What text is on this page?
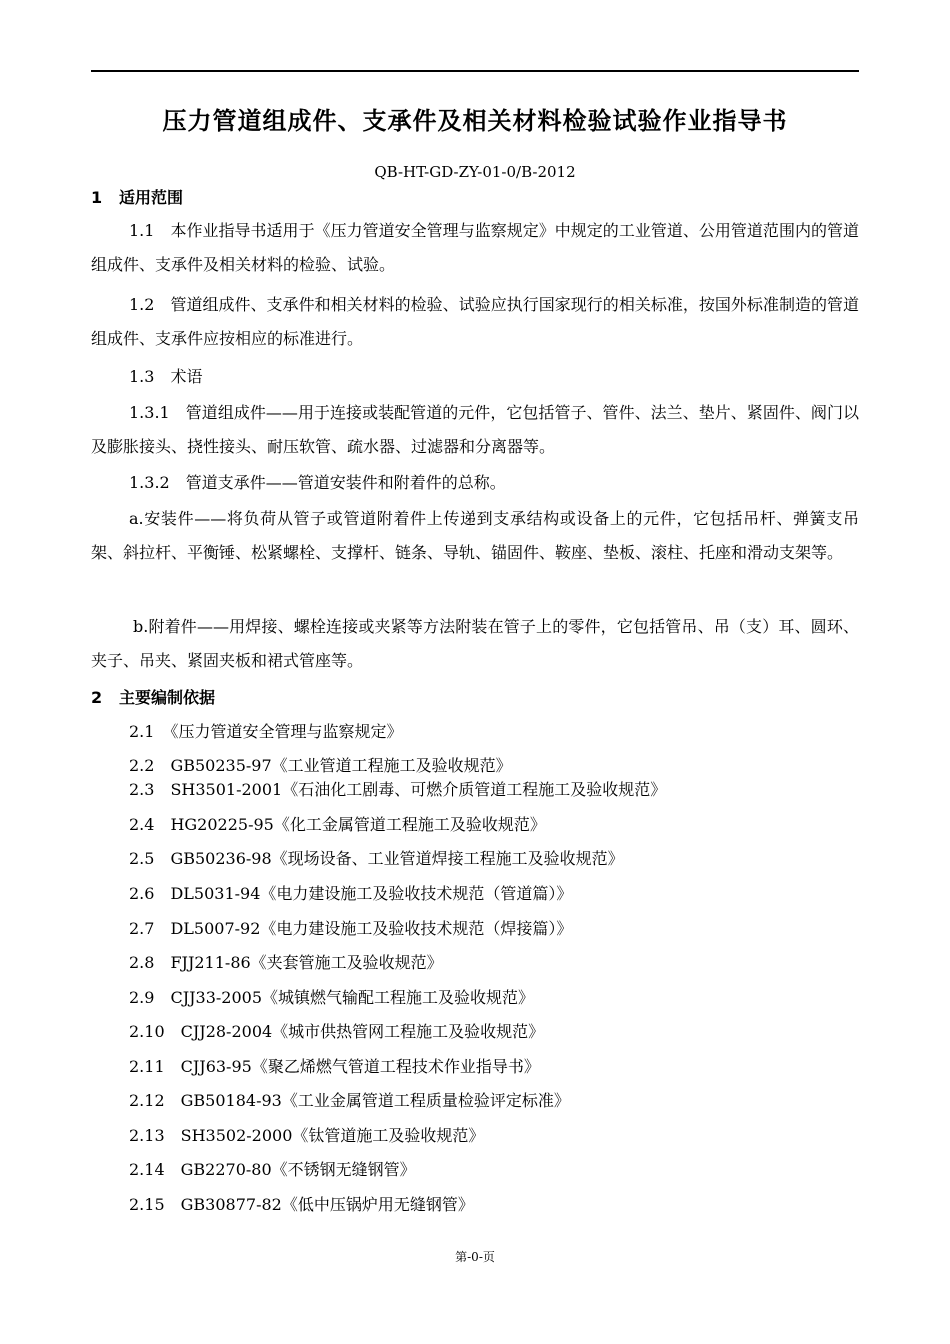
压力管道组成件、支承件及相关材料检验试验作业指导书
QB-HT-GD-ZY-01-0/B-2012
1 适用范围
1.1　本作业指导书适用于《压力管道安全管理与监察规定》中规定的工业管道、公用管道范围内的管道组成件、支承件及相关材料的检验、试验。
1.2　管道组成件、支承件和相关材料的检验、试验应执行国家现行的相关标准，按国外标准制造的管道组成件、支承件应按相应的标准进行。
1.3　术语
1.3.1　管道组成件——用于连接或装配管道的元件，它包括管子、管件、法兰、垫片、紧固件、阀门以及膨胀接头、挠性接头、耐压软管、疏水器、过滤器和分离器等。
1.3.2　管道支承件——管道安装件和附着件的总称。
a.安装件——将负荷从管子或管道附着件上传递到支承结构或设备上的元件，它包括吊杆、弹簧支吊架、斜拉杆、平衡锤、松紧螺栓、支撑杆、链条、导轨、锚固件、鞍座、垫板、滚柱、托座和滑动支架等。
b.附着件——用焊接、螺栓连接或夹紧等方法附装在管子上的零件，它包括管吊、吊（支）耳、圆环、夹子、吊夹、紧固夹板和裙式管座等。
2 主要编制依据
2.1　《压力管道安全管理与监察规定》
2.2　GB50235-97《工业管道工程施工及验收规范》
2.3　SH3501-2001《石油化工剧毒、可燃介质管道工程施工及验收规范》
2.4　HG20225-95《化工金属管道工程施工及验收规范》
2.5　GB50236-98《现场设备、工业管道焊接工程施工及验收规范》
2.6　DL5031-94《电力建设施工及验收技术规范（管道篇）》
2.7　DL5007-92《电力建设施工及验收技术规范（焊接篇）》
2.8　FJJ211-86《夹套管施工及验收规范》
2.9　CJJ33-2005《城镇燃气输配工程施工及验收规范》
2.10　CJJ28-2004《城市供热管网工程施工及验收规范》
2.11　CJJ63-95《聚乙烯燃气管道工程技术作业指导书》
2.12　GB50184-93《工业金属管道工程质量检验评定标准》
2.13　SH3502-2000《钛管道施工及验收规范》
2.14　GB2270-80《不锈钢无缝钢管》
2.15　GB30877-82《低中压锅炉用无缝钢管》
第-0-页
